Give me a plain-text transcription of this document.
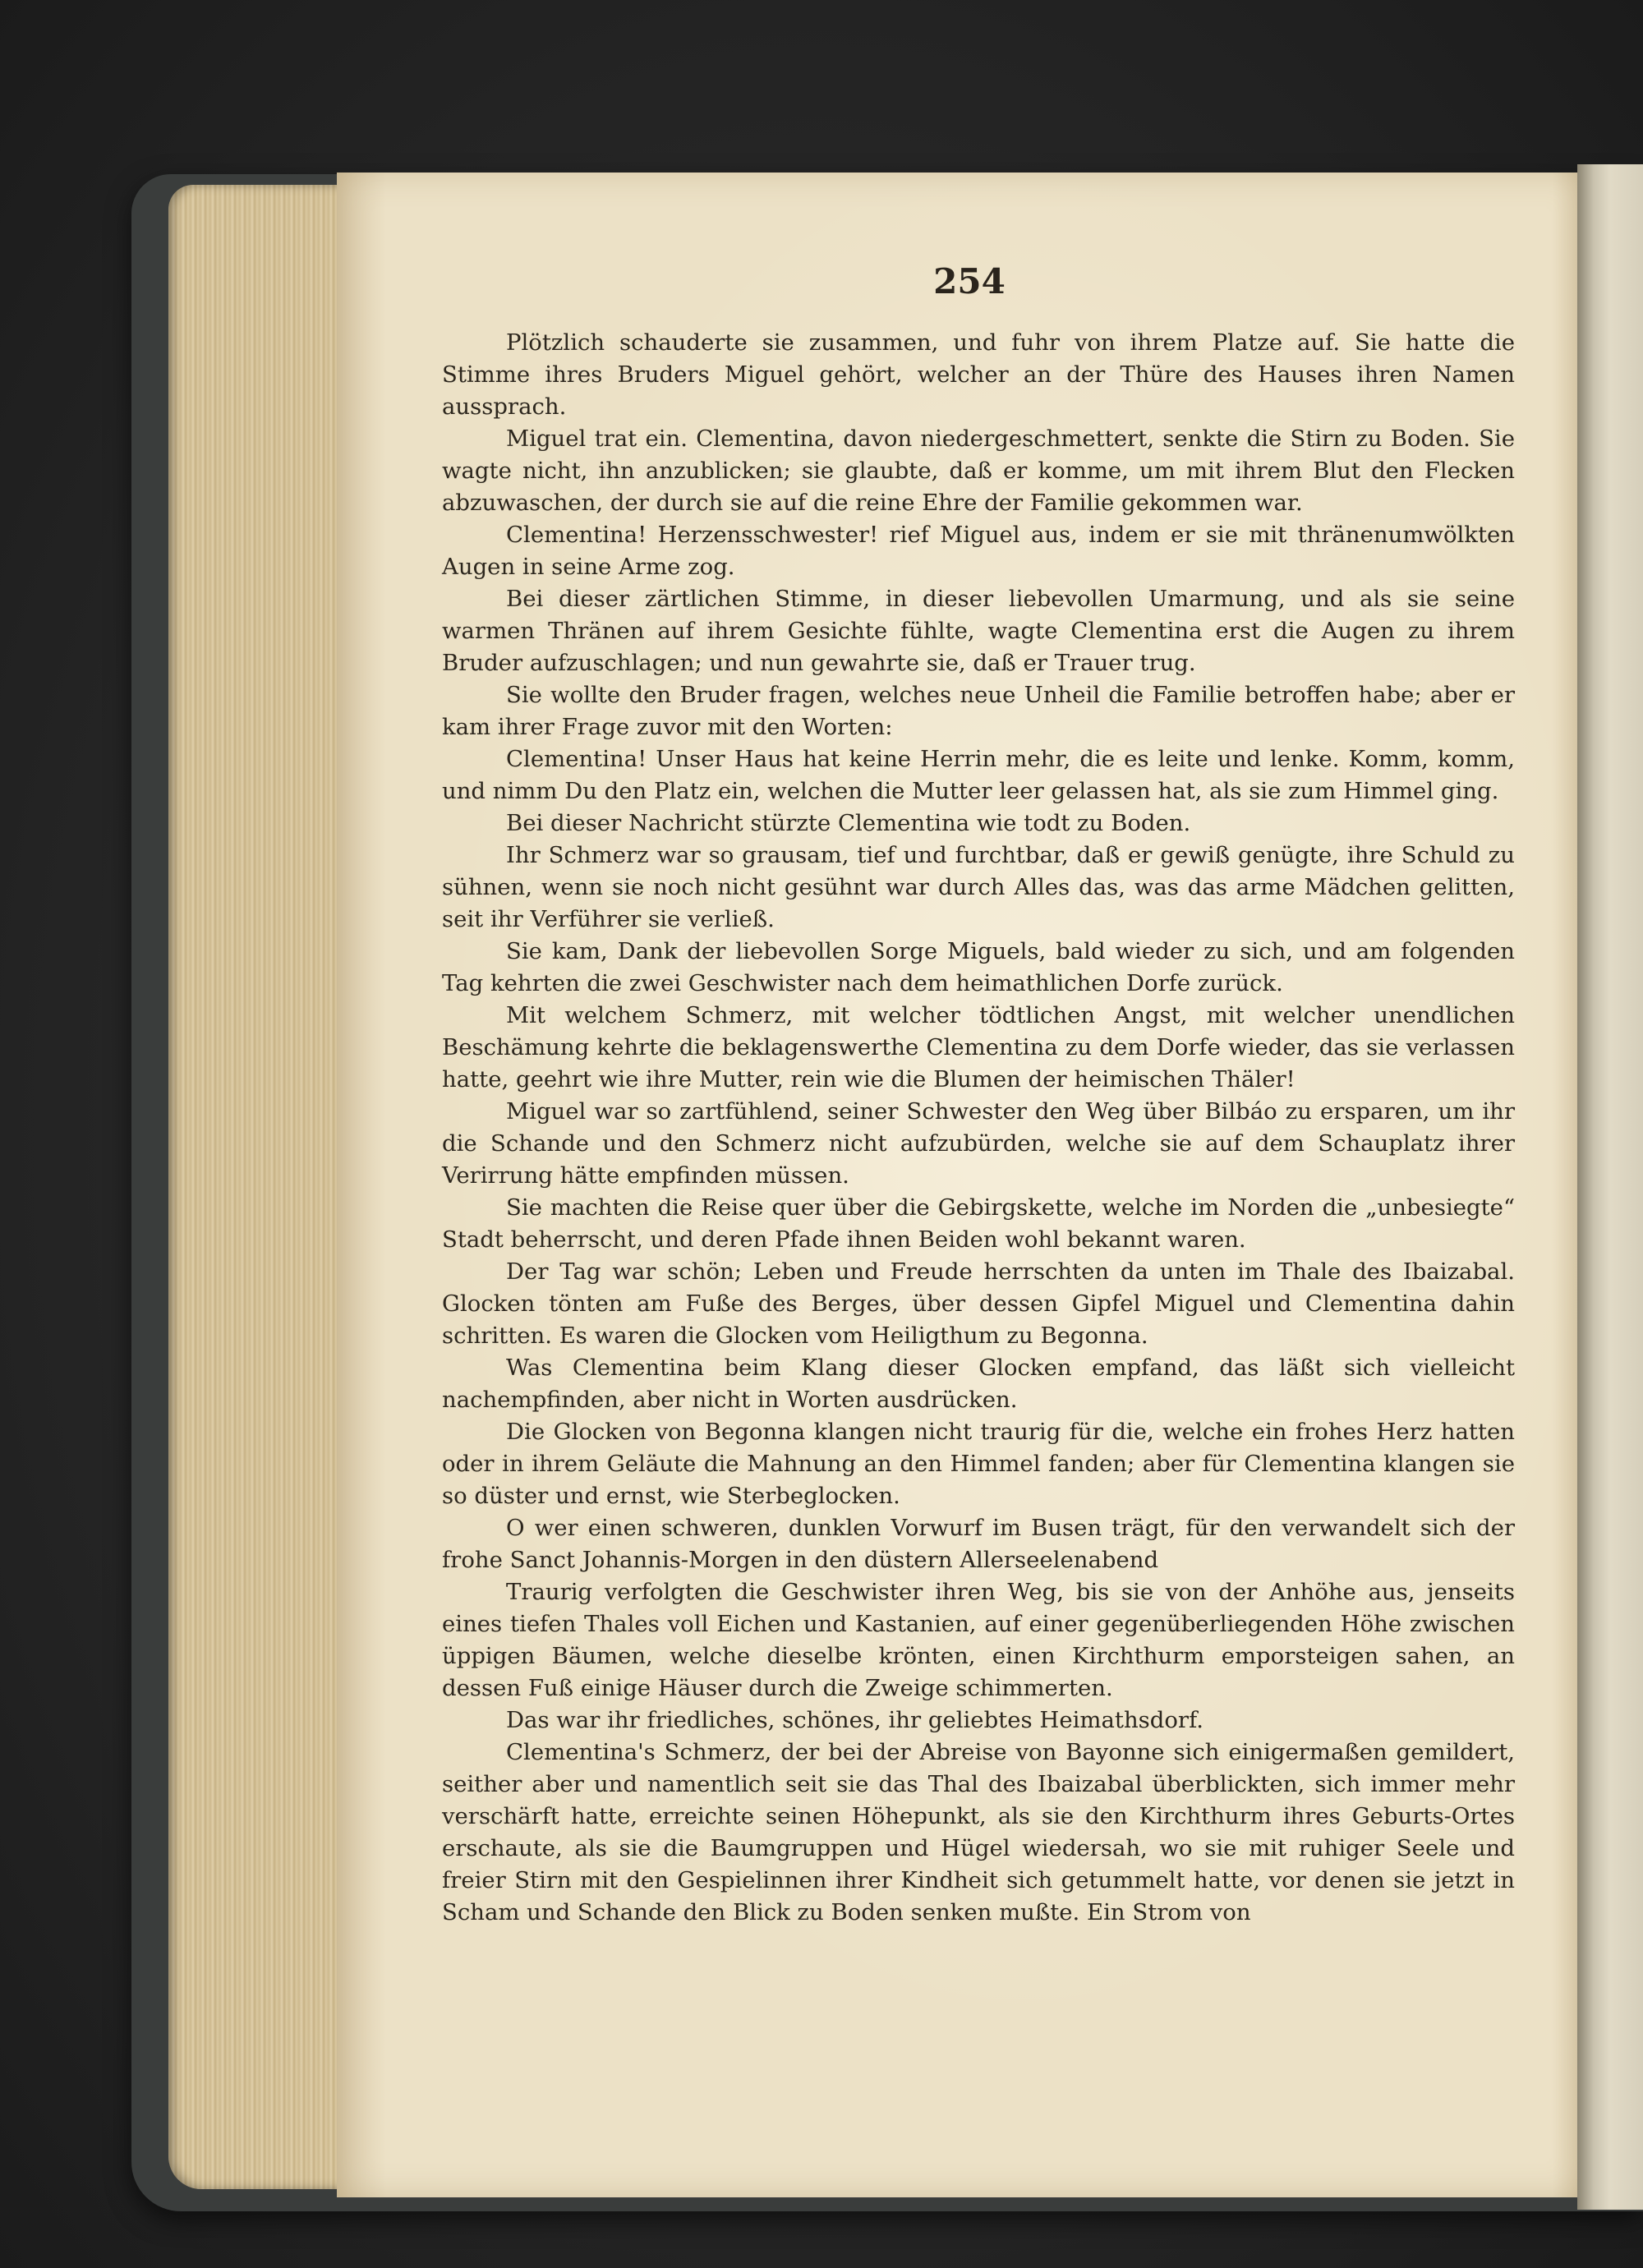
254

Plötzlich schauderte sie zusammen, und fuhr von ihrem Platze auf. Sie hatte die Stimme ihres Bruders Miguel gehört, welcher an der Thüre des Hauses ihren Namen aussprach.

Miguel trat ein. Clementina, davon niedergeschmettert, senkte die Stirn zu Boden. Sie wagte nicht, ihn anzublicken; sie glaubte, daß er komme, um mit ihrem Blut den Flecken abzuwaschen, der durch sie auf die reine Ehre der Familie gekommen war.

Clementina! Herzensschwester! rief Miguel aus, indem er sie mit thränenumwölkten Augen in seine Arme zog.

Bei dieser zärtlichen Stimme, in dieser liebevollen Umarmung, und als sie seine warmen Thränen auf ihrem Gesichte fühlte, wagte Clementina erst die Augen zu ihrem Bruder aufzuschlagen; und nun gewahrte sie, daß er Trauer trug.

Sie wollte den Bruder fragen, welches neue Unheil die Familie betroffen habe; aber er kam ihrer Frage zuvor mit den Worten:

Clementina! Unser Haus hat keine Herrin mehr, die es leite und lenke. Komm, komm, und nimm Du den Platz ein, welchen die Mutter leer gelassen hat, als sie zum Himmel ging.

Bei dieser Nachricht stürzte Clementina wie todt zu Boden.

Ihr Schmerz war so grausam, tief und furchtbar, daß er gewiß genügte, ihre Schuld zu sühnen, wenn sie noch nicht gesühnt war durch Alles das, was das arme Mädchen gelitten, seit ihr Verführer sie verließ.

Sie kam, Dank der liebevollen Sorge Miguels, bald wieder zu sich, und am folgenden Tag kehrten die zwei Geschwister nach dem heimathlichen Dorfe zurück.

Mit welchem Schmerz, mit welcher tödtlichen Angst, mit welcher unendlichen Beschämung kehrte die beklagenswerthe Clementina zu dem Dorfe wieder, das sie verlassen hatte, geehrt wie ihre Mutter, rein wie die Blumen der heimischen Thäler!

Miguel war so zartfühlend, seiner Schwester den Weg über Bilbáo zu ersparen, um ihr die Schande und den Schmerz nicht aufzubürden, welche sie auf dem Schauplatz ihrer Verirrung hätte empfinden müssen.

Sie machten die Reise quer über die Gebirgskette, welche im Norden die „unbesiegte“ Stadt beherrscht, und deren Pfade ihnen Beiden wohl bekannt waren.

Der Tag war schön; Leben und Freude herrschten da unten im Thale des Ibaizabal. Glocken tönten am Fuße des Berges, über dessen Gipfel Miguel und Clementina dahin schritten. Es waren die Glocken vom Heiligthum zu Begonna.

Was Clementina beim Klang dieser Glocken empfand, das läßt sich vielleicht nachempfinden, aber nicht in Worten ausdrücken.

Die Glocken von Begonna klangen nicht traurig für die, welche ein frohes Herz hatten oder in ihrem Geläute die Mahnung an den Himmel fanden; aber für Clementina klangen sie so düster und ernst, wie Sterbeglocken.

O wer einen schweren, dunklen Vorwurf im Busen trägt, für den verwandelt sich der frohe Sanct Johannis-Morgen in den düstern Allerseelenabend

Traurig verfolgten die Geschwister ihren Weg, bis sie von der Anhöhe aus, jenseits eines tiefen Thales voll Eichen und Kastanien, auf einer gegenüberliegenden Höhe zwischen üppigen Bäumen, welche dieselbe krönten, einen Kirchthurm emporsteigen sahen, an dessen Fuß einige Häuser durch die Zweige schimmerten.

Das war ihr friedliches, schönes, ihr geliebtes Heimathsdorf.

Clementina's Schmerz, der bei der Abreise von Bayonne sich einigermaßen gemildert, seither aber und namentlich seit sie das Thal des Ibaizabal überblickten, sich immer mehr verschärft hatte, erreichte seinen Höhepunkt, als sie den Kirchthurm ihres Geburts-Ortes erschaute, als sie die Baumgruppen und Hügel wiedersah, wo sie mit ruhiger Seele und freier Stirn mit den Gespielinnen ihrer Kindheit sich getummelt hatte, vor denen sie jetzt in Scham und Schande den Blick zu Boden senken mußte. Ein Strom von
